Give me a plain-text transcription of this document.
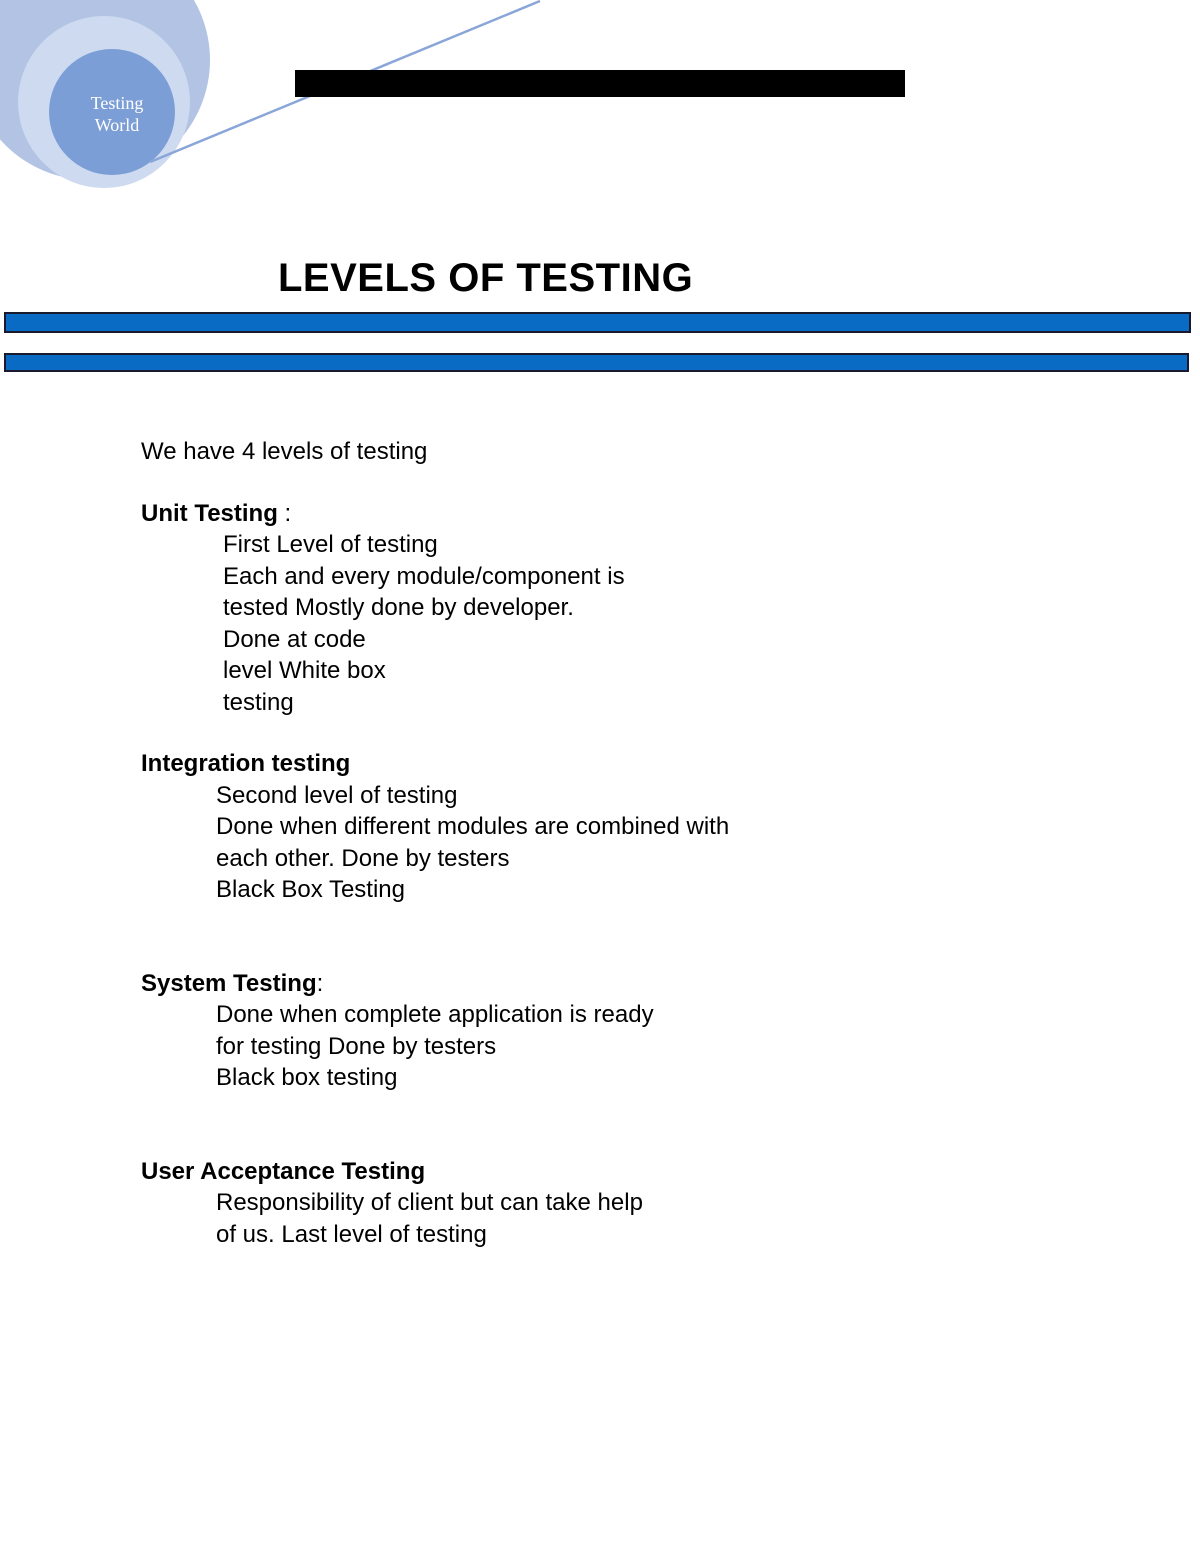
Testing
World
LEVELS OF TESTING

We have 4 levels of testing

Unit Testing :

First Level of testing
Each and every module/component is
tested Mostly done by developer.
Done at code
level White box
testing

Integration testing

Second level of testing
Done when different modules are combined with
each other. Done by testers
Black Box Testing

System Testing:

Done when complete application is ready
for testing Done by testers
Black box testing

User Acceptance Testing

Responsibility of client but can take help
of us. Last level of testing
